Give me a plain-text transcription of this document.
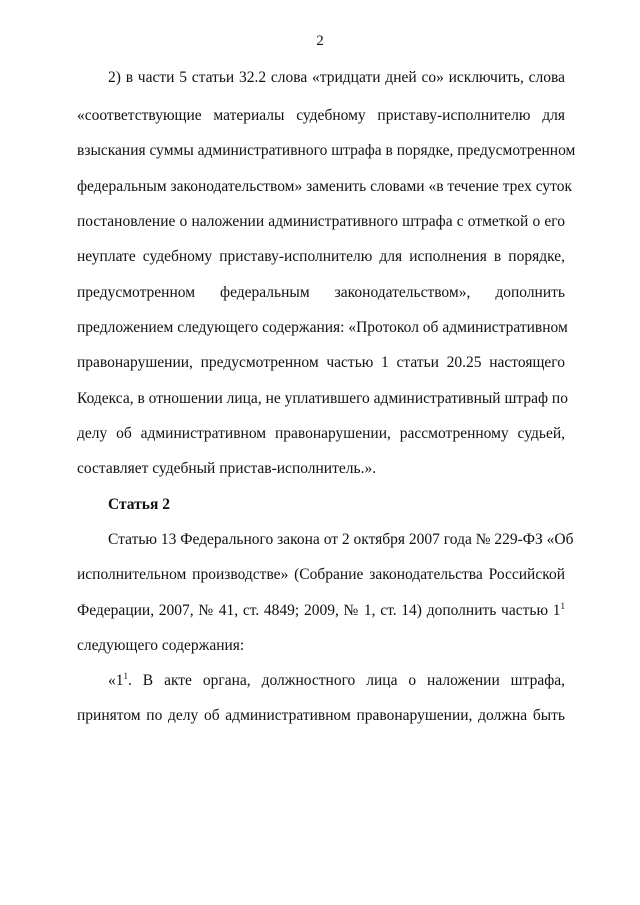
2
2) в части 5 статьи 32.2 слова «тридцати дней со» исключить, слова
«соответствующие материалы судебному приставу-исполнителю для
взыскания суммы административного штрафа в порядке, предусмотренном
федеральным законодательством» заменить словами «в течение трех суток
постановление о наложении административного штрафа с отметкой о его
неуплате судебному приставу-исполнителю для исполнения в порядке,
предусмотренном федеральным законодательством», дополнить
предложением следующего содержания: «Протокол об административном
правонарушении, предусмотренном частью 1 статьи 20.25 настоящего
Кодекса, в отношении лица, не уплатившего административный штраф по
делу об административном правонарушении, рассмотренному судьей,
составляет судебный пристав-исполнитель.».
Статья 2
Статью 13 Федерального закона от 2 октября 2007 года № 229-ФЗ «Об
исполнительном производстве» (Собрание законодательства Российской
Федерации, 2007, № 41, ст. 4849; 2009, № 1, ст. 14) дополнить частью $1^1$
следующего содержания:
«$1^1$. В акте органа, должностного лица о наложении штрафа,
принятом по делу об административном правонарушении, должна быть
